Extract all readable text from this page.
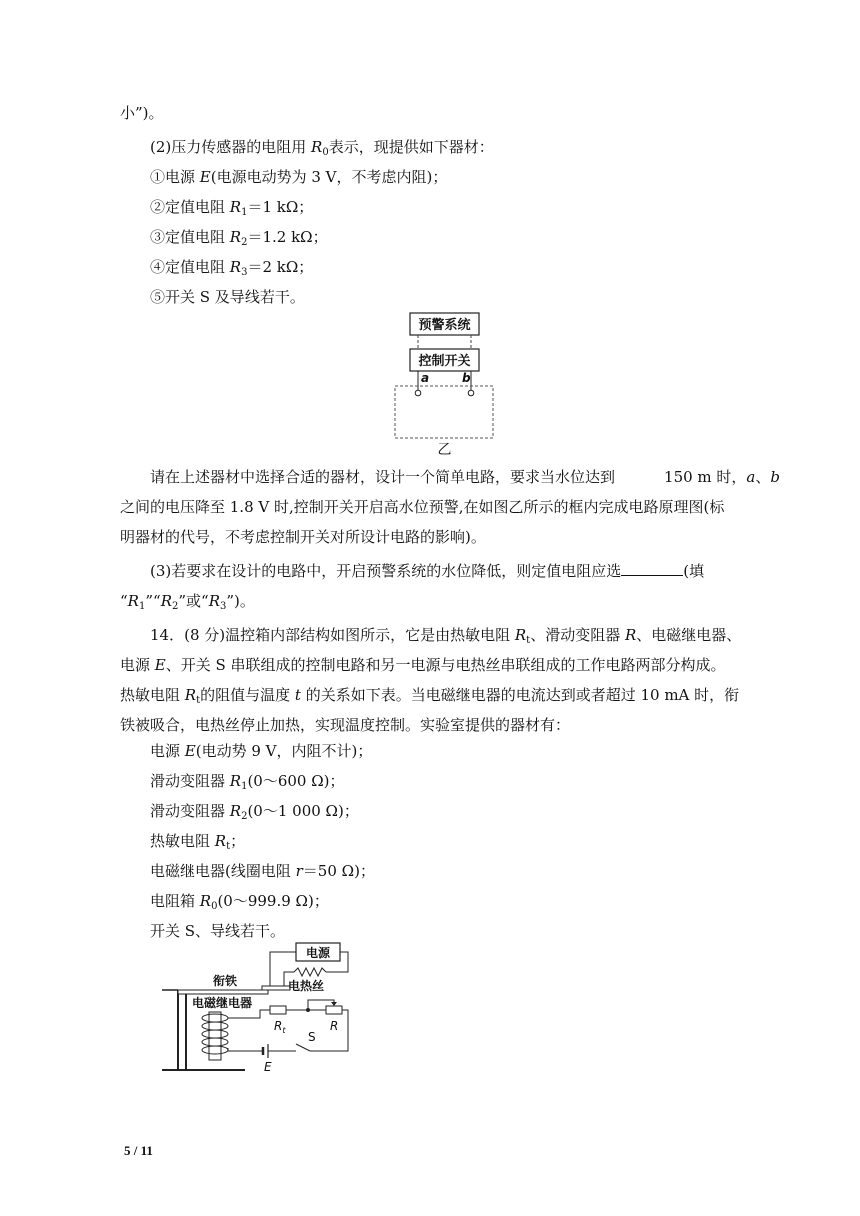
小”)。
(2)压力传感器的电阻用 $R_0$表示，现提供如下器材：
①电源 E(电源电动势为 3 V，不考虑内阻)；
②定值电阻 $R_1=1$ kΩ；
③定值电阻 $R_2=1.2$ kΩ；
④定值电阻 $R_3=2$ kΩ；
⑤开关 S 及导线若干。
预警系统
控制开关
a	b
乙
请在上述器材中选择合适的器材，设计一个简单电路，要求当水位达到	150 m 时，a、b
之间的电压降至 1.8 V 时,控制开关开启高水位预警,在如图乙所示的框内完成电路原理图(标
明器材的代号，不考虑控制开关对所设计电路的影响)。
(3)若要求在设计的电路中，开启预警系统的水位降低，则定值电阻应选	(填
“$R_1”“R_2$”或“$R_3$”)。
14．(8 分)温控箱内部结构如图所示，它是由热敏电阻 $R_t$、滑动变阻器 R、电磁继电器、
电源 E、开关 S 串联组成的控制电路和另一电源与电热丝串联组成的工作电路两部分构成。
热敏电阻 $R_t$的阻值与温度 t 的关系如下表。当电磁继电器的电流达到或者超过 10 mA 时，衔
铁被吸合，电热丝停止加热，实现温度控制。实验室提供的器材有：
电源 E(电动势 9 V，内阻不计)；
滑动变阻器 $R_1(0\sim 600$ Ω)；
滑动变阻器 $R_2(0\sim 1$ 000 Ω)；
热敏电阻 $R_t$；
电磁继电器(线圈电阻 r＝50 Ω)；
电阻箱 $R_0(0\sim 999.9$ Ω)；
开关 S、导线若干。
衔铁
电源
电热丝
电磁继电器
$R_t$	R
S
E
5 / 11
